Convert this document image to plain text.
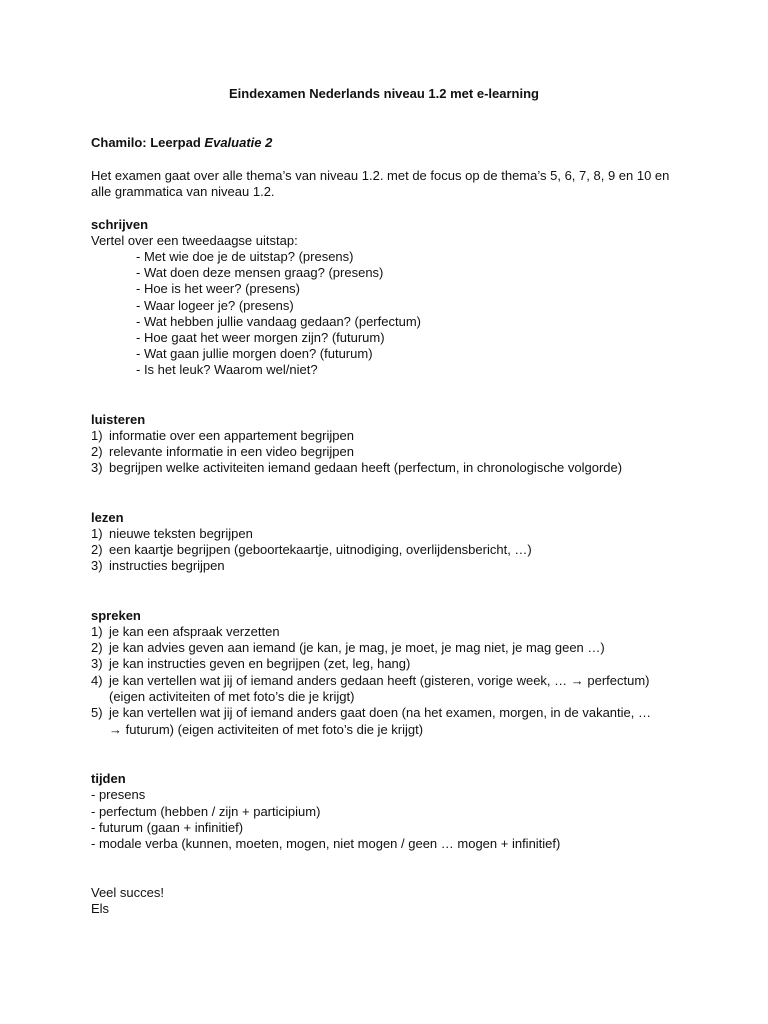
Eindexamen Nederlands niveau 1.2 met e-learning
Chamilo: Leerpad Evaluatie 2
Het examen gaat over alle thema’s van niveau 1.2. met de focus op de thema’s 5, 6, 7, 8, 9 en 10 en
alle grammatica van niveau 1.2.
schrijven
Vertel over een tweedaagse uitstap:
- Met wie doe je de uitstap? (presens)
- Wat doen deze mensen graag? (presens)
- Hoe is het weer? (presens)
- Waar logeer je? (presens)
- Wat hebben jullie vandaag gedaan? (perfectum)
- Hoe gaat het weer morgen zijn? (futurum)
- Wat gaan jullie morgen doen? (futurum)
- Is het leuk? Waarom wel/niet?
luisteren
1) informatie over een appartement begrijpen
2) relevante informatie in een video begrijpen
3) begrijpen welke activiteiten iemand gedaan heeft (perfectum, in chronologische volgorde)
lezen
1) nieuwe teksten begrijpen
2) een kaartje begrijpen (geboortekaartje, uitnodiging, overlijdensbericht, …)
3) instructies begrijpen
spreken
1) je kan een afspraak verzetten
2) je kan advies geven aan iemand (je kan, je mag, je moet, je mag niet, je mag geen …)
3) je kan instructies geven en begrijpen (zet, leg, hang)
4) je kan vertellen wat jij of iemand anders gedaan heeft (gisteren, vorige week, … → perfectum)
(eigen activiteiten of met foto’s die je krijgt)
5) je kan vertellen wat jij of iemand anders gaat doen (na het examen, morgen, in de vakantie, …
→ futurum) (eigen activiteiten of met foto’s die je krijgt)
tijden
- presens
- perfectum (hebben / zijn + participium)
- futurum (gaan + infinitief)
- modale verba (kunnen, moeten, mogen, niet mogen / geen … mogen + infinitief)
Veel succes!
Els
